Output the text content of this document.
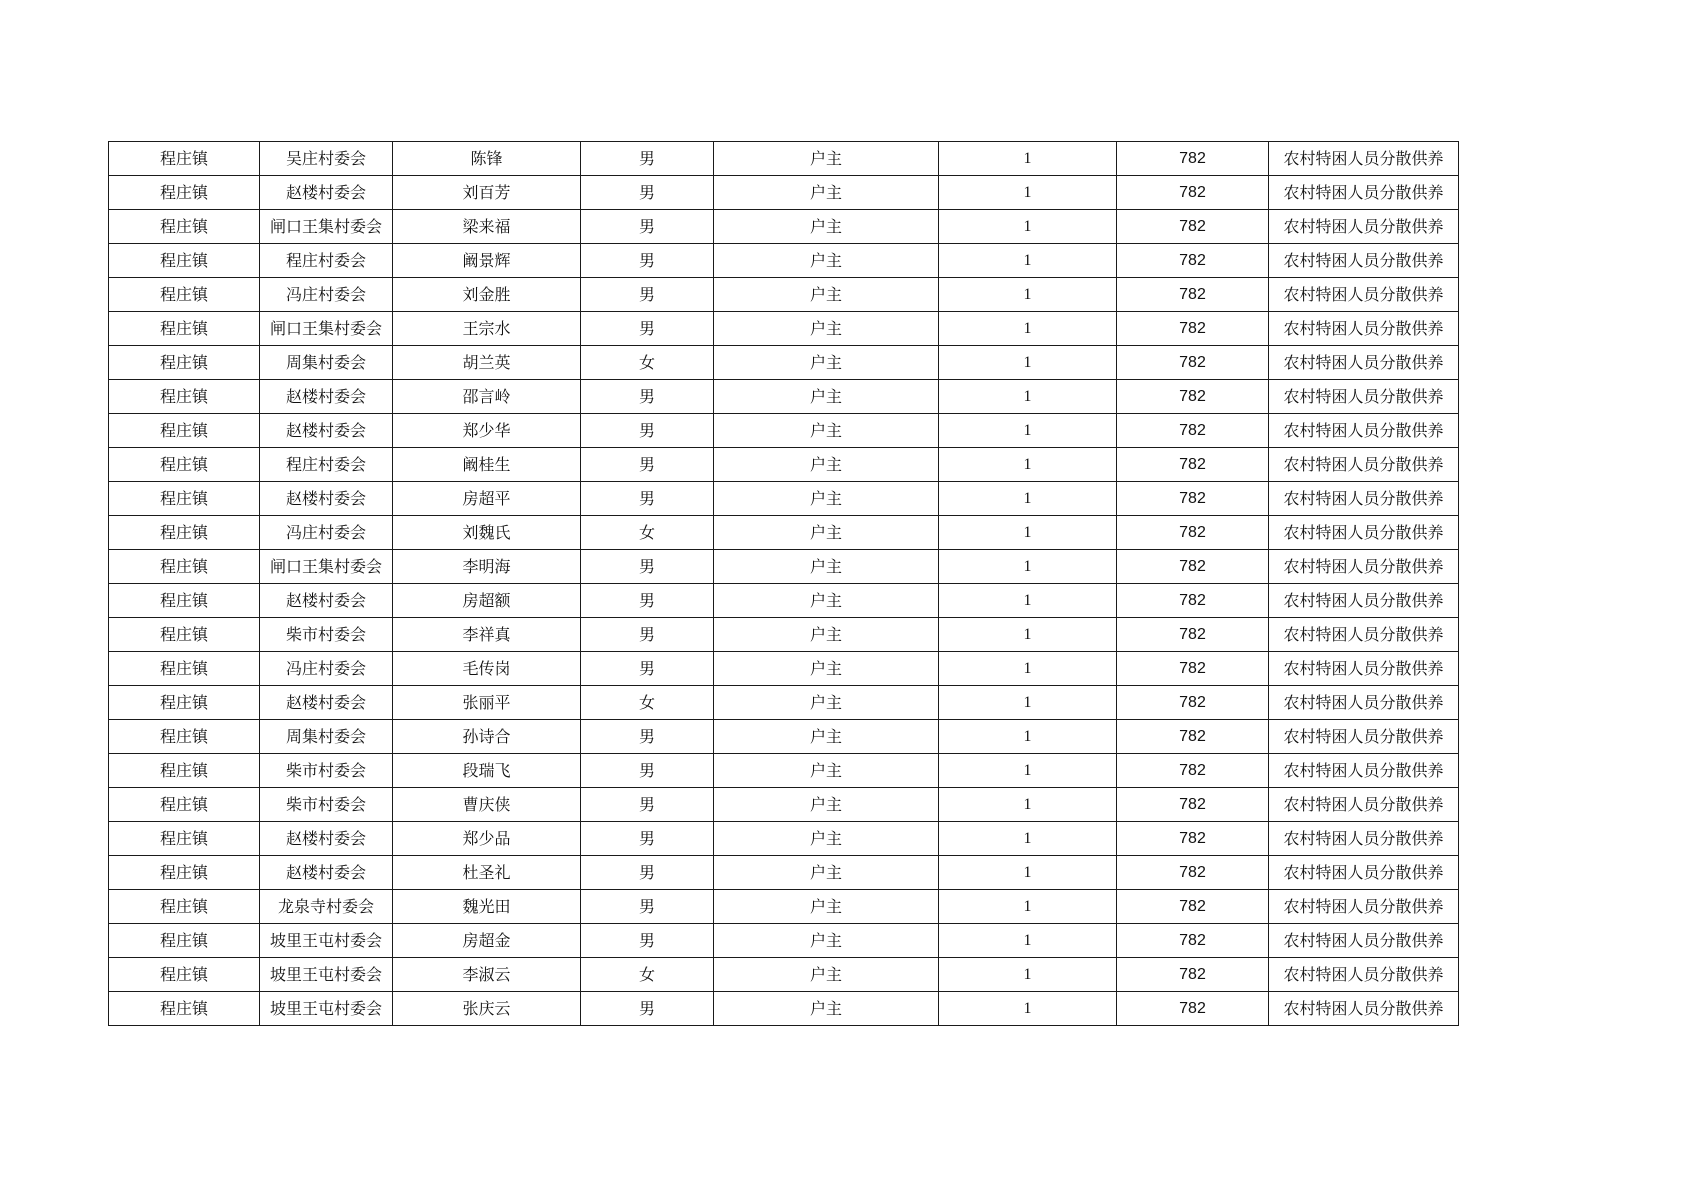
程庄镇	吴庄村委会	陈锋	男	户主	1	782	农村特困人员分散供养
程庄镇	赵楼村委会	刘百芳	男	户主	1	782	农村特困人员分散供养
程庄镇	闸口王集村委会	梁来福	男	户主	1	782	农村特困人员分散供养
程庄镇	程庄村委会	阚景辉	男	户主	1	782	农村特困人员分散供养
程庄镇	冯庄村委会	刘金胜	男	户主	1	782	农村特困人员分散供养
程庄镇	闸口王集村委会	王宗水	男	户主	1	782	农村特困人员分散供养
程庄镇	周集村委会	胡兰英	女	户主	1	782	农村特困人员分散供养
程庄镇	赵楼村委会	邵言岭	男	户主	1	782	农村特困人员分散供养
程庄镇	赵楼村委会	郑少华	男	户主	1	782	农村特困人员分散供养
程庄镇	程庄村委会	阚桂生	男	户主	1	782	农村特困人员分散供养
程庄镇	赵楼村委会	房超平	男	户主	1	782	农村特困人员分散供养
程庄镇	冯庄村委会	刘魏氏	女	户主	1	782	农村特困人员分散供养
程庄镇	闸口王集村委会	李明海	男	户主	1	782	农村特困人员分散供养
程庄镇	赵楼村委会	房超额	男	户主	1	782	农村特困人员分散供养
程庄镇	柴市村委会	李祥真	男	户主	1	782	农村特困人员分散供养
程庄镇	冯庄村委会	毛传岗	男	户主	1	782	农村特困人员分散供养
程庄镇	赵楼村委会	张丽平	女	户主	1	782	农村特困人员分散供养
程庄镇	周集村委会	孙诗合	男	户主	1	782	农村特困人员分散供养
程庄镇	柴市村委会	段瑞飞	男	户主	1	782	农村特困人员分散供养
程庄镇	柴市村委会	曹庆侠	男	户主	1	782	农村特困人员分散供养
程庄镇	赵楼村委会	郑少品	男	户主	1	782	农村特困人员分散供养
程庄镇	赵楼村委会	杜圣礼	男	户主	1	782	农村特困人员分散供养
程庄镇	龙泉寺村委会	魏光田	男	户主	1	782	农村特困人员分散供养
程庄镇	坡里王屯村委会	房超金	男	户主	1	782	农村特困人员分散供养
程庄镇	坡里王屯村委会	李淑云	女	户主	1	782	农村特困人员分散供养
程庄镇	坡里王屯村委会	张庆云	男	户主	1	782	农村特困人员分散供养
